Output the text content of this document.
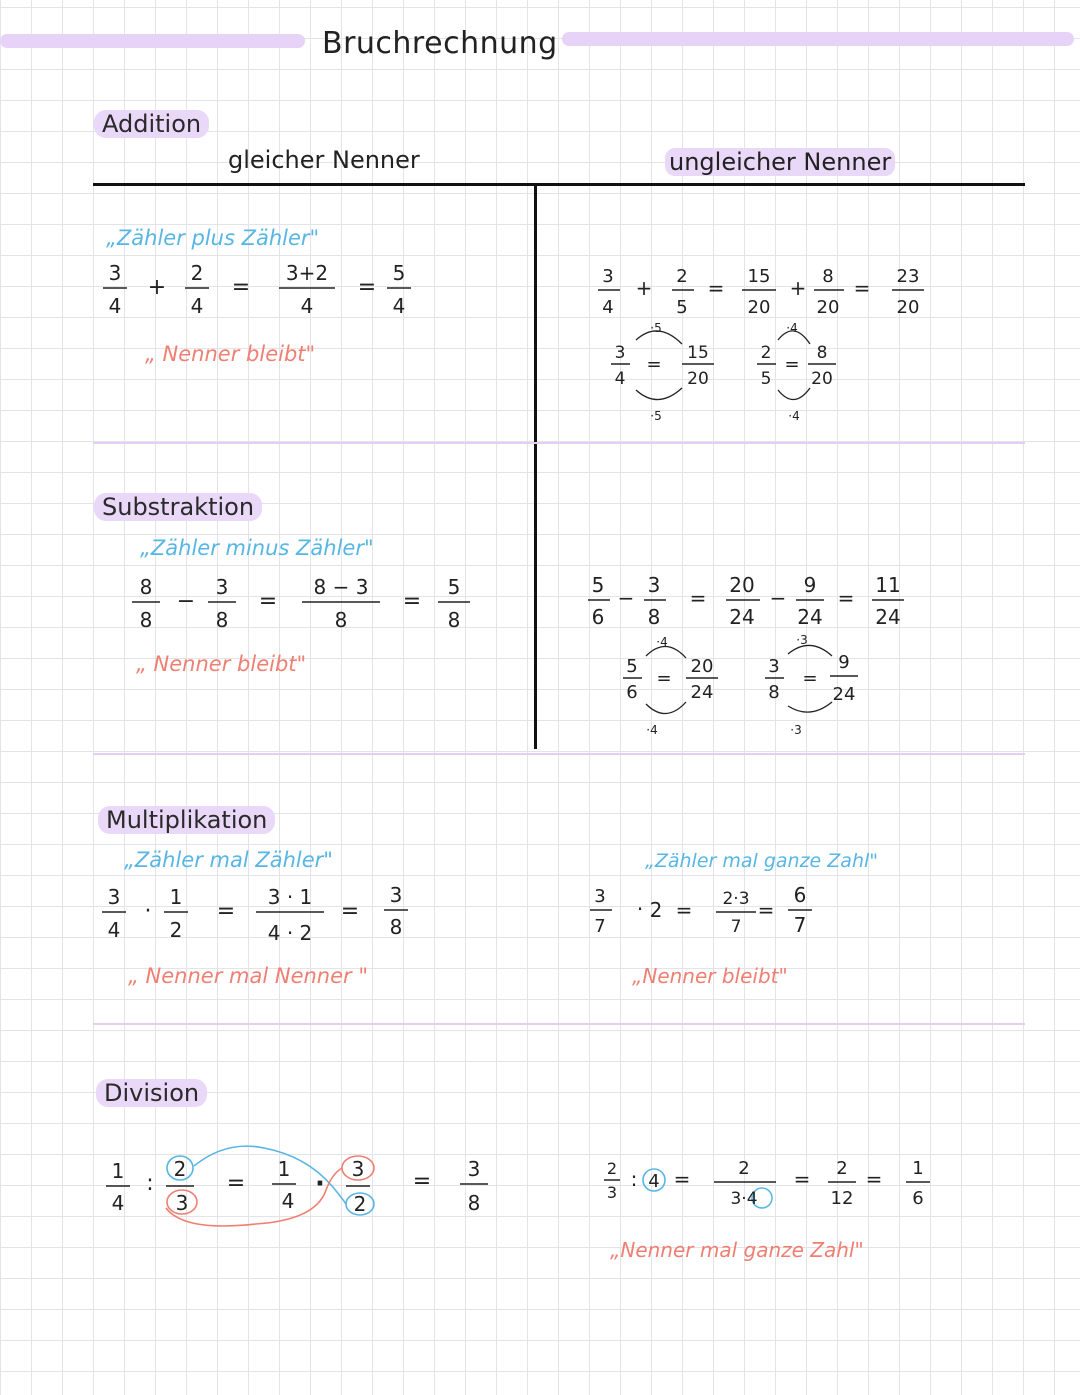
Bruchrechnung
Addition
Substraktion
Multiplikation
Division
gleicher Nenner	ungleicher Nenner
„Zähler plus Zähler"
„ Nenner bleibt"
3
4
+
2
4
=
3+2
4
=
5
4
3
4
+ 2
5
= 15
20
+ 8
20
= 23
20
3
4
=
15
20
·5
·5
2
5
=
8
20
·4
·4
„Zähler minus Zähler"
„ Nenner bleibt"
8
8
−
3
8
=
8 − 3
8
=
5
8
5
6
−
3
8
=
20
24
−
9
24
=
11
24
5
6
=
20
24
·4
·4
3
8
=
9
24
·3
·3
„Zähler mal Zähler"
„ Nenner mal Nenner "
3
4
·
1
2
=
3 · 1
4 · 2
=
3
8
„Zähler mal ganze Zahl"
„Nenner bleibt"
3
7
· 2 = 2·3
7
=
6
7
1
4
:
2
3
=
1
4
· 3
2
= 3
8
2
3
: 4 =	2
3·4
= 2
12
= 1
6
„Nenner mal ganze Zahl"
